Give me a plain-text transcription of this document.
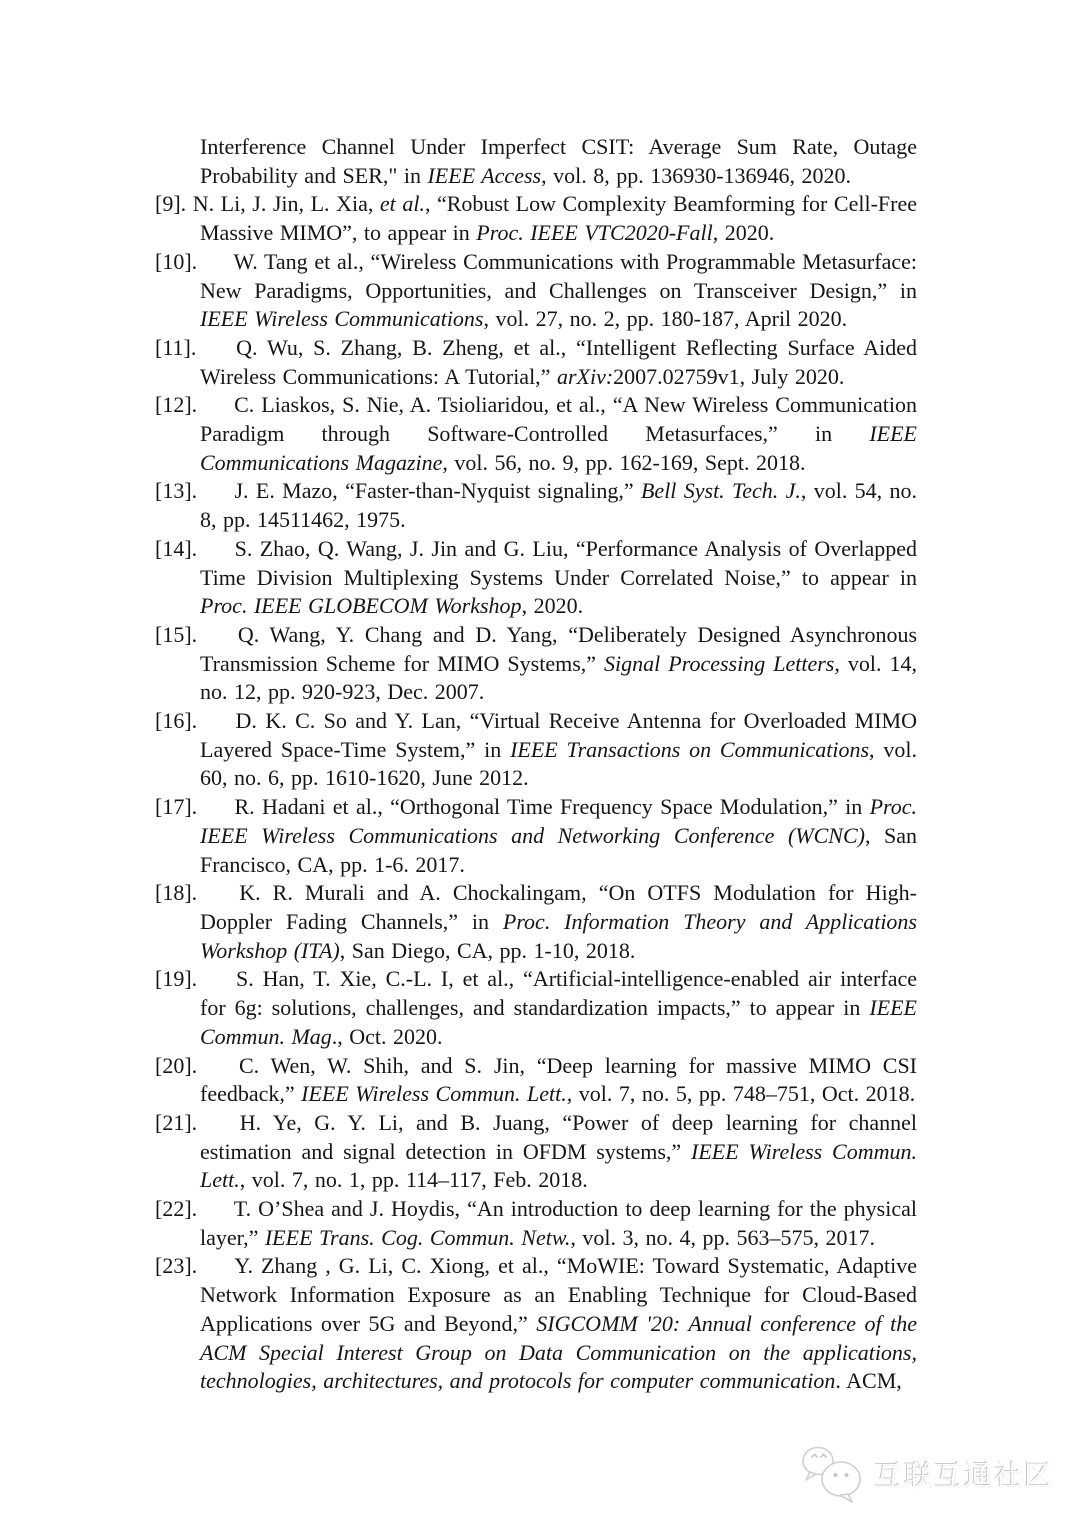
Interference Channel Under Imperfect CSIT: Average Sum Rate, Outage Probability and SER," in IEEE Access, vol. 8, pp. 136930-136946, 2020.
[9]. N. Li, J. Jin, L. Xia, et al., “Robust Low Complexity Beamforming for Cell-Free Massive MIMO”, to appear in Proc. IEEE VTC2020-Fall, 2020.
[10]. W. Tang et al., “Wireless Communications with Programmable Metasurface: New Paradigms, Opportunities, and Challenges on Transceiver Design,” in IEEE Wireless Communications, vol. 27, no. 2, pp. 180-187, April 2020.
[11]. Q. Wu, S. Zhang, B. Zheng, et al., “Intelligent Reflecting Surface Aided Wireless Communications: A Tutorial,” arXiv:2007.02759v1, July 2020.
[12]. C. Liaskos, S. Nie, A. Tsioliaridou, et al., “A New Wireless Communication Paradigm through Software-Controlled Metasurfaces,” in IEEE Communications Magazine, vol. 56, no. 9, pp. 162-169, Sept. 2018.
[13]. J. E. Mazo, “Faster-than-Nyquist signaling,” Bell Syst. Tech. J., vol. 54, no. 8, pp. 14511462, 1975.
[14]. S. Zhao, Q. Wang, J. Jin and G. Liu, “Performance Analysis of Overlapped Time Division Multiplexing Systems Under Correlated Noise,” to appear in Proc. IEEE GLOBECOM Workshop, 2020.
[15]. Q. Wang, Y. Chang and D. Yang, “Deliberately Designed Asynchronous Transmission Scheme for MIMO Systems,” Signal Processing Letters, vol. 14, no. 12, pp. 920-923, Dec. 2007.
[16]. D. K. C. So and Y. Lan, “Virtual Receive Antenna for Overloaded MIMO Layered Space-Time System,” in IEEE Transactions on Communications, vol. 60, no. 6, pp. 1610-1620, June 2012.
[17]. R. Hadani et al., “Orthogonal Time Frequency Space Modulation,” in Proc. IEEE Wireless Communications and Networking Conference (WCNC), San Francisco, CA, pp. 1-6. 2017.
[18]. K. R. Murali and A. Chockalingam, “On OTFS Modulation for High-Doppler Fading Channels,” in Proc. Information Theory and Applications Workshop (ITA), San Diego, CA, pp. 1-10, 2018.
[19]. S. Han, T. Xie, C.-L. I, et al., “Artificial-intelligence-enabled air interface for 6g: solutions, challenges, and standardization impacts,” to appear in IEEE Commun. Mag., Oct. 2020.
[20]. C. Wen, W. Shih, and S. Jin, “Deep learning for massive MIMO CSI feedback,” IEEE Wireless Commun. Lett., vol. 7, no. 5, pp. 748–751, Oct. 2018.
[21]. H. Ye, G. Y. Li, and B. Juang, “Power of deep learning for channel estimation and signal detection in OFDM systems,” IEEE Wireless Commun. Lett., vol. 7, no. 1, pp. 114–117, Feb. 2018.
[22]. T. O’Shea and J. Hoydis, “An introduction to deep learning for the physical layer,” IEEE Trans. Cog. Commun. Netw., vol. 3, no. 4, pp. 563–575, 2017.
[23]. Y. Zhang , G. Li, C. Xiong, et al., “MoWIE: Toward Systematic, Adaptive Network Information Exposure as an Enabling Technique for Cloud-Based Applications over 5G and Beyond,” SIGCOMM '20: Annual conference of the ACM Special Interest Group on Data Communication on the applications, technologies, architectures, and protocols for computer communication. ACM,
互联互通社区
